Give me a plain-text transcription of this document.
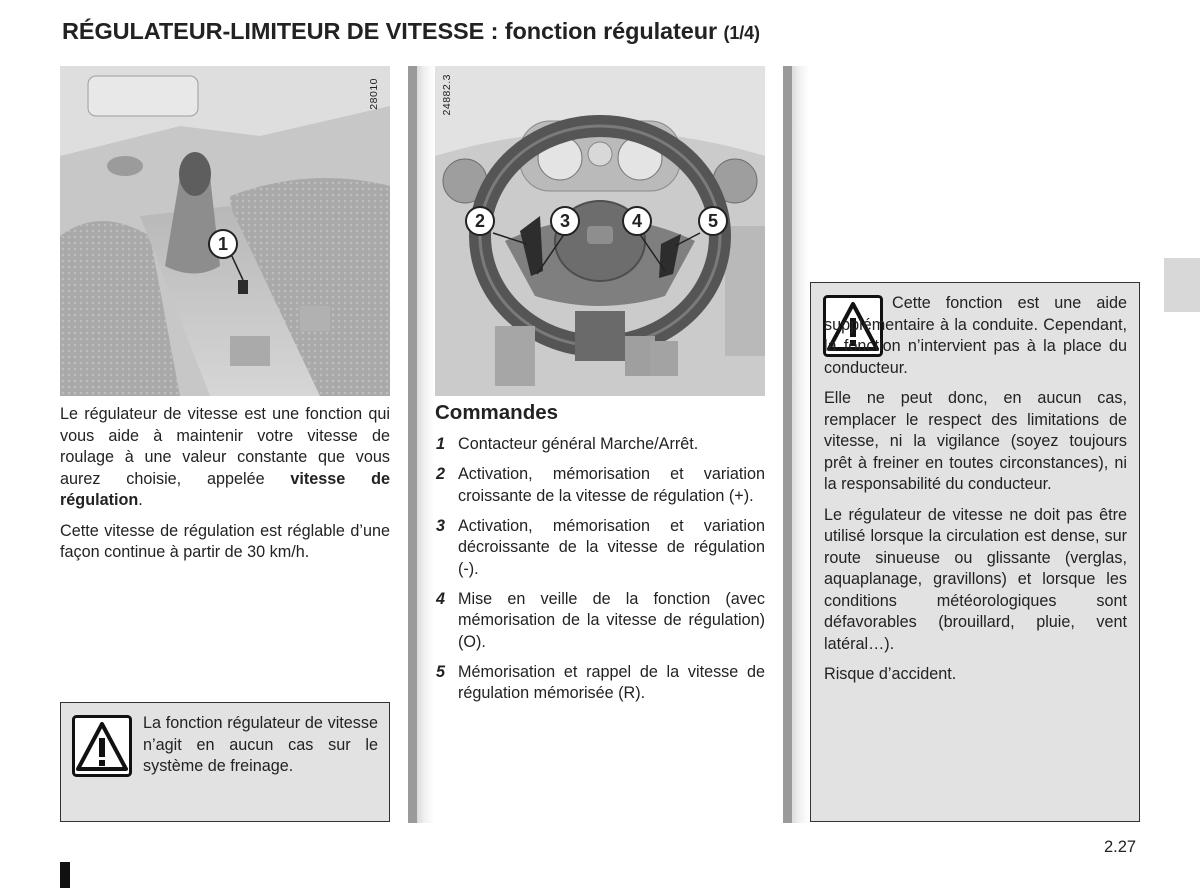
RÉGULATEUR-LIMITEUR DE VITESSE : fonction régulateur (1/4)
1
28010
2	3	4	5
24882.3

Le régulateur de vitesse est une fonction qui vous aide à maintenir votre vitesse de roulage à une valeur constante que vous aurez choisie, appelée vitesse de régulation.

Cette vitesse de régulation est réglable d’une façon continue à partir de 30 km/h.

La fonction régulateur de vitesse n’agit en aucun cas sur le système de freinage.

Commandes
1 Contacteur général Marche/Arrêt.
2 Activation, mémorisation et variation croissante de la vitesse de régulation (+).
3 Activation, mémorisation et variation décroissante de la vitesse de régulation (-).
4 Mise en veille de la fonction (avec mémorisation de la vitesse de régulation) (O).
5 Mémorisation et rappel de la vitesse de régulation mémorisée (R).

Cette fonction est une aide supplémentaire à la conduite. Cependant, la fonction n’intervient pas à la place du conducteur.

Elle ne peut donc, en aucun cas, remplacer le respect des limitations de vitesse, ni la vigilance (soyez toujours prêt à freiner en toutes circonstances), ni la responsabilité du conducteur.

Le régulateur de vitesse ne doit pas être utilisé lorsque la circulation est dense, sur route sinueuse ou glissante (verglas, aquaplanage, gravillons) et lorsque les conditions météorologiques sont défavorables (brouillard, pluie, vent latéral…).

Risque d’accident.

2.27
